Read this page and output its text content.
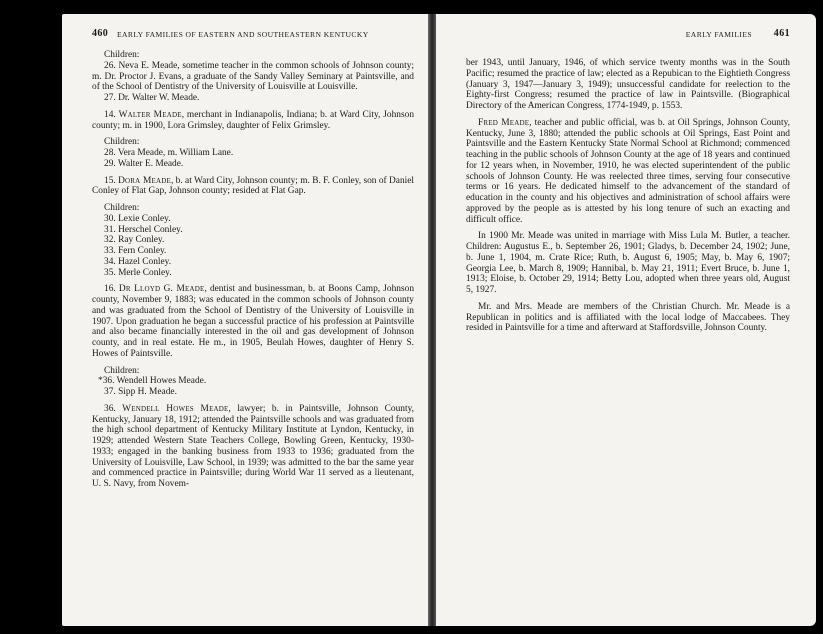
460 EARLY FAMILIES OF EASTERN AND SOUTHEASTERN KENTUCKY

Children:

26. Neva E. Meade, sometime teacher in the common schools of Johnson county; m. Dr. Proctor J. Evans, a graduate of the Sandy Valley Seminary at Paintsville, and of the School of Dentistry of the University of Louisville at Louisville.

27. Dr. Walter W. Meade.

14. Walter Meade, merchant in Indianapolis, Indiana; b. at Ward City, Johnson county; m. in 1900, Lora Grimsley, daughter of Felix Grimsley.

Children:

28. Vera Meade, m. William Lane.

29. Walter E. Meade.

15. Dora Meade, b. at Ward City, Johnson county; m. B. F. Conley, son of Daniel Conley of Flat Gap, Johnson county; resided at Flat Gap.

Children:

30. Lexie Conley.

31. Herschel Conley.

32. Ray Conley.

33. Fern Conley.

34. Hazel Conley.

35. Merle Conley.

16. Dr Lloyd G. Meade, dentist and businessman, b. at Boons Camp, Johnson county, November 9, 1883; was educated in the common schools of Johnson county and was graduated from the School of Dentistry of the University of Louisville in 1907. Upon graduation he began a successful practice of his profession at Paintsville and also became financially interested in the oil and gas development of Johnson county, and in real estate. He m., in 1905, Beulah Howes, daughter of Henry S. Howes of Paintsville.

Children:

*36. Wendell Howes Meade.

37. Sipp H. Meade.

36. Wendell Howes Meade, lawyer; b. in Paintsville, Johnson County, Kentucky, January 18, 1912; attended the Paintsville schools and was graduated from the high school department of Kentucky Military Institute at Lyndon, Kentucky, in 1929; attended Western State Teachers College, Bowling Green, Kentucky, 1930-1933; engaged in the banking business from 1933 to 1936; graduated from the University of Louisville, Law School, in 1939; was admitted to the bar the same year and commenced practice in Paintsville; during World War 11 served as a lieutenant, U. S. Navy, from Novem-

EARLY FAMILIES 461

ber 1943, until January, 1946, of which service twenty months was in the South Pacific; resumed the practice of law; elected as a Repubican to the Eightieth Congress (January 3, 1947—January 3, 1949); unsuccessful candidate for reelection to the Eighty-first Congress; resumed the practice of law in Paintsville. (Biographical Directory of the American Congress, 1774-1949, p. 1553.

Fred Meade, teacher and public official, was b. at Oil Springs, Johnson County, Kentucky, June 3, 1880; attended the public schools at Oil Springs, East Point and Paintsville and the Eastern Kentucky State Normal School at Richmond; commenced teaching in the public schools of Johnson County at the age of 18 years and continued for 12 years when, in November, 1910, he was elected superintendent of the public schools of Johnson County. He was reelected three times, serving four consecutive terms or 16 years. He dedicated himself to the advancement of the standard of education in the county and his objectives and administration of school affairs were approved by the people as is attested by his long tenure of such an exacting and difficult office.

In 1900 Mr. Meade was united in marriage with Miss Lula M. Butler, a teacher. Children: Augustus E., b. September 26, 1901; Gladys, b. December 24, 1902; June, b. June 1, 1904, m. Crate Rice; Ruth, b. August 6, 1905; May, b. May 6, 1907; Georgia Lee, b. March 8, 1909; Hannibal, b. May 21, 1911; Evert Bruce, b. June 1, 1913; Eloise, b. October 29, 1914; Betty Lou, adopted when three years old, August 5, 1927.

Mr. and Mrs. Meade are members of the Christian Church. Mr. Meade is a Republican in politics and is affiliated with the local lodge of Maccabees. They resided in Paintsville for a time and afterward at Staffordsville, Johnson County.
